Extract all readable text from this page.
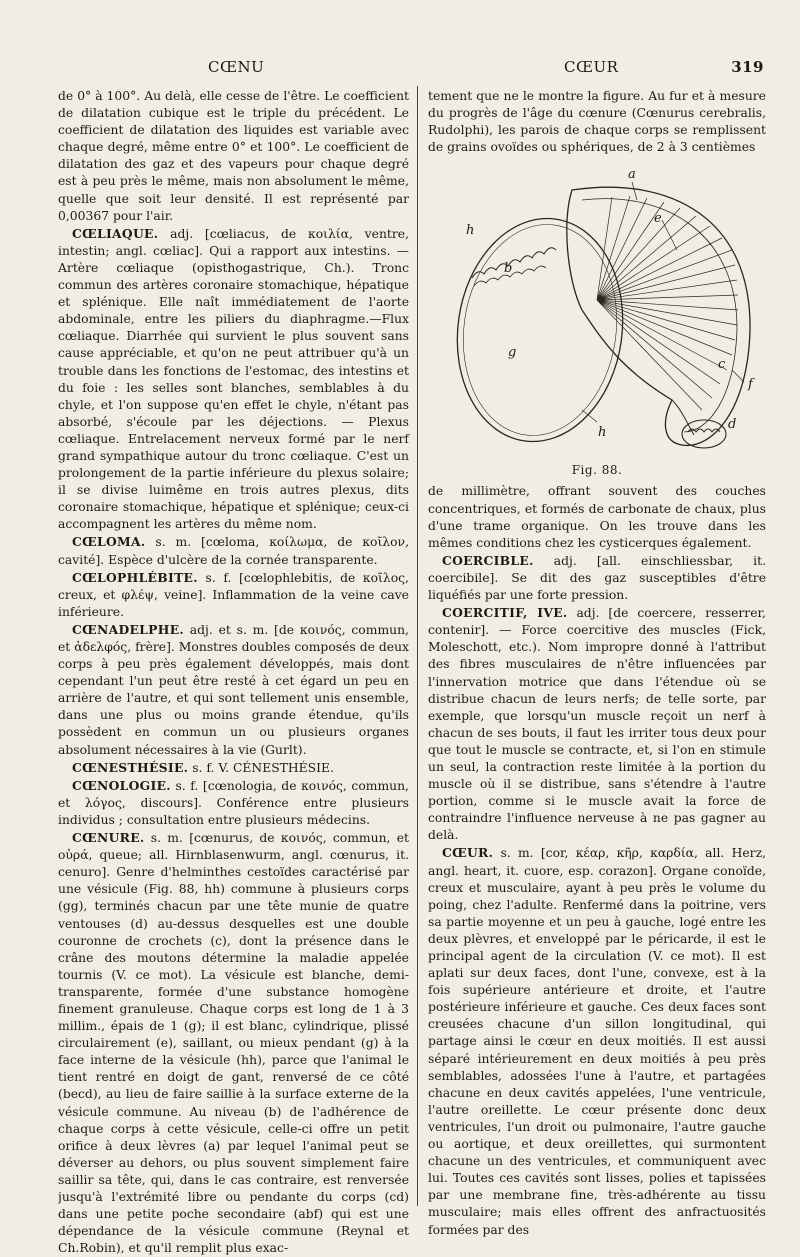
CŒNU	CŒUR	319

de 0° à 100°. Au delà, elle cesse de l'être. Le coefficient de dilatation cubique est le triple du précédent. Le coefficient de dilatation des liquides est variable avec chaque degré, même entre 0° et 100°. Le coefficient de dilatation des gaz et des vapeurs pour chaque degré est à peu près le même, mais non absolument le même, quelle que soit leur densité. Il est représenté par 0,00367 pour l'air.

CŒLIAQUE. adj. [cœliacus, de κοιλία, ventre, intestin; angl. cœliac]. Qui a rapport aux intestins. — Artère cœliaque (opisthogastrique, Ch.). Tronc commun des artères coronaire stomachique, hépatique et splénique. Elle naît immédiatement de l'aorte abdominale, entre les piliers du diaphragme.—Flux cœliaque. Diarrhée qui survient le plus souvent sans cause appréciable, et qu'on ne peut attribuer qu'à un trouble dans les fonctions de l'estomac, des intestins et du foie : les selles sont blanches, semblables à du chyle, et l'on suppose qu'en effet le chyle, n'étant pas absorbé, s'écoule par les déjections. — Plexus cœliaque. Entrelacement nerveux formé par le nerf grand sympathique autour du tronc cœliaque. C'est un prolongement de la partie inférieure du plexus solaire; il se divise luimême en trois autres plexus, dits coronaire stomachique, hépatique et splénique; ceux-ci accompagnent les artères du même nom.

CŒLOMA. s. m. [cœloma, κοίλωμα, de κοῖλον, cavité]. Espèce d'ulcère de la cornée transparente.

CŒLOPHLÉBITE. s. f. [cœlophlebitis, de κοῖλος, creux, et φλέψ, veine]. Inflammation de la veine cave inférieure.

CŒNADELPHE. adj. et s. m. [de κοινός, commun, et ἀδελφός, frère]. Monstres doubles composés de deux corps à peu près également développés, mais dont cependant l'un peut être resté à cet égard un peu en arrière de l'autre, et qui sont tellement unis ensemble, dans une plus ou moins grande étendue, qu'ils possèdent en commun un ou plusieurs organes absolument nécessaires à la vie (Gurlt).

CŒNESTHÉSIE. s. f. V. CÉNESTHÉSIE.

CŒNOLOGIE. s. f. [cœnologia, de κοινός, commun, et λόγος, discours]. Conférence entre plusieurs individus ; consultation entre plusieurs médecins.

CŒNURE. s. m. [cœnurus, de κοινός, commun, et οὐρά, queue; all. Hirnblasenwurm, angl. cœnurus, it. cenuro]. Genre d'helminthes cestoïdes caractérisé par une vésicule (Fig. 88, hh) commune à plusieurs corps (gg), terminés chacun par une tête munie de quatre ventouses (d) au-dessus desquelles est une double couronne de crochets (c), dont la présence dans le crâne des moutons détermine la maladie appelée tournis (V. ce mot). La vésicule est blanche, demi-transparente, formée d'une substance homogène finement granuleuse. Chaque corps est long de 1 à 3 millim., épais de 1 (g); il est blanc, cylindrique, plissé circulairement (e), saillant, ou mieux pendant (g) à la face interne de la vésicule (hh), parce que l'animal le tient rentré en doigt de gant, renversé de ce côté (becd), au lieu de faire saillie à la surface externe de la vésicule commune. Au niveau (b) de l'adhérence de chaque corps à cette vésicule, celle-ci offre un petit orifice à deux lèvres (a) par lequel l'animal peut se déverser au dehors, ou plus souvent simplement faire saillir sa tête, qui, dans le cas contraire, est renversée jusqu'à l'extrémité libre ou pendante du corps (cd) dans une petite poche secondaire (abf) qui est une dépendance de la vésicule commune (Reynal et Ch.Robin), et qu'il remplit plus exac-

tement que ne le montre la figure. Au fur et à mesure du progrès de l'âge du cœnure (Cœnurus cerebralis, Rudolphi), les parois de chaque corps se remplissent de grains ovoïdes ou sphériques, de 2 à 3 centièmes

a
b
c
d
e
f
g
h
h
Fig. 88.

de millimètre, offrant souvent des couches concentriques, et formés de carbonate de chaux, plus d'une trame organique. On les trouve dans les mêmes conditions chez les cysticerques également.

COERCIBLE. adj. [all. einschliessbar, it. coercibile]. Se dit des gaz susceptibles d'être liquéfiés par une forte pression.

COERCITIF, IVE. adj. [de coercere, resserrer, contenir]. — Force coercitive des muscles (Fick, Moleschott, etc.). Nom impropre donné à l'attribut des fibres musculaires de n'être influencées par l'innervation motrice que dans l'étendue où se distribue chacun de leurs nerfs; de telle sorte, par exemple, que lorsqu'un muscle reçoit un nerf à chacun de ses bouts, il faut les irriter tous deux pour que tout le muscle se contracte, et, si l'on en stimule un seul, la contraction reste limitée à la portion du muscle où il se distribue, sans s'étendre à l'autre portion, comme si le muscle avait la force de contraindre l'influence nerveuse à ne pas gagner au delà.

CŒUR. s. m. [cor, κέαρ, κῆρ, καρδία, all. Herz, angl. heart, it. cuore, esp. corazon]. Organe conoïde, creux et musculaire, ayant à peu près le volume du poing, chez l'adulte. Renfermé dans la poitrine, vers sa partie moyenne et un peu à gauche, logé entre les deux plèvres, et enveloppé par le péricarde, il est le principal agent de la circulation (V. ce mot). Il est aplati sur deux faces, dont l'une, convexe, est à la fois supérieure antérieure et droite, et l'autre postérieure inférieure et gauche. Ces deux faces sont creusées chacune d'un sillon longitudinal, qui partage ainsi le cœur en deux moitiés. Il est aussi séparé intérieurement en deux moitiés à peu près semblables, adossées l'une à l'autre, et partagées chacune en deux cavités appelées, l'une ventricule, l'autre oreillette. Le cœur présente donc deux ventricules, l'un droit ou pulmonaire, l'autre gauche ou aortique, et deux oreillettes, qui surmontent chacune un des ventricules, et communiquent avec lui. Toutes ces cavités sont lisses, polies et tapissées par une membrane fine, très-adhérente au tissu musculaire; mais elles offrent des anfractuosités formées par des
